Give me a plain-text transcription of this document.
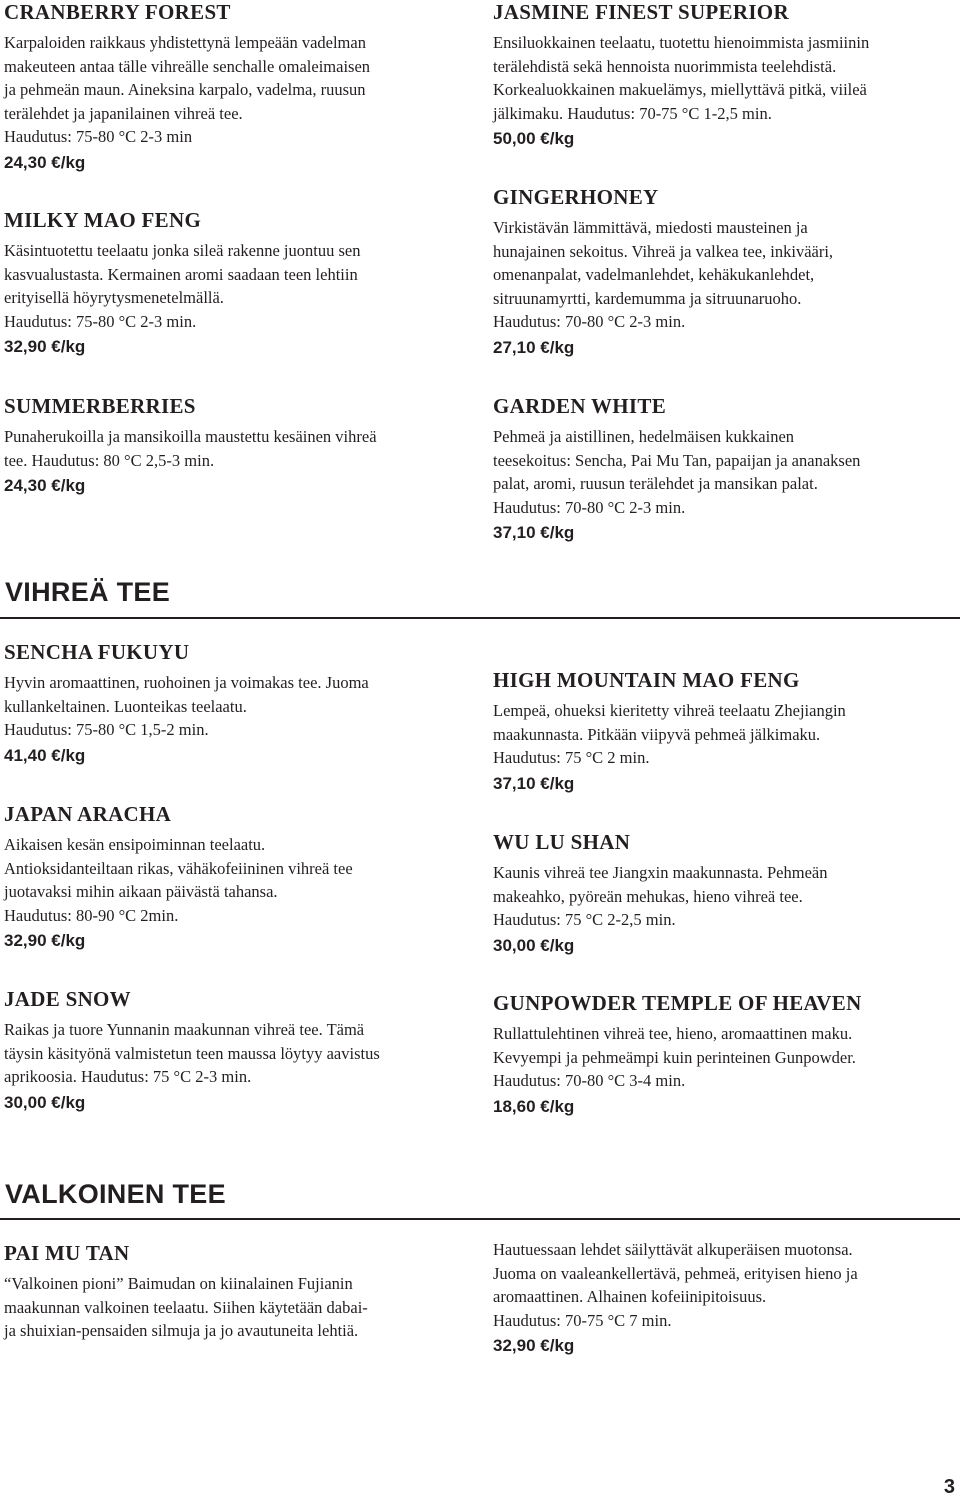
CRANBERRY FOREST
Karpaloiden raikkaus yhdistettynä lempeään vadelman
makeuteen antaa tälle vihreälle senchalle omaleimaisen
ja pehmeän maun. Aineksina karpalo, vadelma, ruusun
terälehdet ja japanilainen vihreä tee.
Haudutus: 75-80 °C 2-3 min
24,30 €/kg
MILKY MAO FENG
Käsintuotettu teelaatu jonka sileä rakenne juontuu sen
kasvualustasta. Kermainen aromi saadaan teen lehtiin
erityisellä höyrytysmenetelmällä.
Haudutus: 75-80 °C 2-3 min.
32,90 €/kg
SUMMERBERRIES
Punaherukoilla ja mansikoilla maustettu kesäinen vihreä
tee. Haudutus: 80 °C 2,5-3 min.
24,30 €/kg
JASMINE FINEST SUPERIOR
Ensiluokkainen teelaatu, tuotettu hienoimmista jasmiinin
terälehdistä sekä hennoista nuorimmista teelehdistä.
Korkealuokkainen makuelämys, miellyttävä pitkä, viileä
jälkimaku. Haudutus: 70-75 °C 1-2,5 min.
50,00 €/kg
GINGERHONEY
Virkistävän lämmittävä, miedosti mausteinen ja
hunajainen sekoitus. Vihreä ja valkea tee, inkivääri,
omenanpalat, vadelmanlehdet, kehäkukanlehdet,
sitruunamyrtti, kardemumma ja sitruunaruoho.
Haudutus: 70-80 °C 2-3 min.
27,10 €/kg
GARDEN WHITE
Pehmeä ja aistillinen, hedelmäisen kukkainen
teesekoitus: Sencha, Pai Mu Tan, papaijan ja ananaksen
palat, aromi, ruusun terälehdet ja mansikan palat.
Haudutus: 70-80 °C 2-3 min.
37,10 €/kg
VIHREÄ TEE
SENCHA FUKUYU
Hyvin aromaattinen, ruohoinen ja voimakas tee. Juoma
kullankeltainen. Luonteikas teelaatu.
Haudutus: 75-80 °C 1,5-2 min.
41,40 €/kg
JAPAN ARACHA
Aikaisen kesän ensipoiminnan teelaatu.
Antioksidanteiltaan rikas, vähäkofeiininen vihreä tee
juotavaksi mihin aikaan päivästä tahansa.
Haudutus: 80-90 °C 2min.
32,90 €/kg
JADE SNOW
Raikas ja tuore Yunnanin maakunnan vihreä tee. Tämä
täysin käsityönä valmistetun teen maussa löytyy aavistus
aprikoosia. Haudutus: 75 °C 2-3 min.
30,00 €/kg
HIGH MOUNTAIN MAO FENG
Lempeä, ohueksi kieritetty vihreä teelaatu Zhejiangin
maakunnasta. Pitkään viipyvä pehmeä jälkimaku.
Haudutus: 75 °C 2 min.
37,10 €/kg
WU LU SHAN
Kaunis vihreä tee Jiangxin maakunnasta. Pehmeän
makeahko, pyöreän mehukas, hieno vihreä tee.
Haudutus: 75 °C 2-2,5 min.
30,00 €/kg
GUNPOWDER TEMPLE OF HEAVEN
Rullattulehtinen vihreä tee, hieno, aromaattinen maku.
Kevyempi ja pehmeämpi kuin perinteinen Gunpowder.
Haudutus: 70-80 °C 3-4 min.
18,60 €/kg
VALKOINEN TEE
PAI MU TAN
“Valkoinen pioni” Baimudan on kiinalainen Fujianin
maakunnan valkoinen teelaatu. Siihen käytetään dabai-
ja shuixian-pensaiden silmuja ja jo avautuneita lehtiä.
Hautuessaan lehdet säilyttävät alkuperäisen muotonsa.
Juoma on vaaleankellertävä, pehmeä, erityisen hieno ja
aromaattinen. Alhainen kofeiinipitoisuus.
Haudutus: 70-75 °C 7 min.
32,90 €/kg
3
